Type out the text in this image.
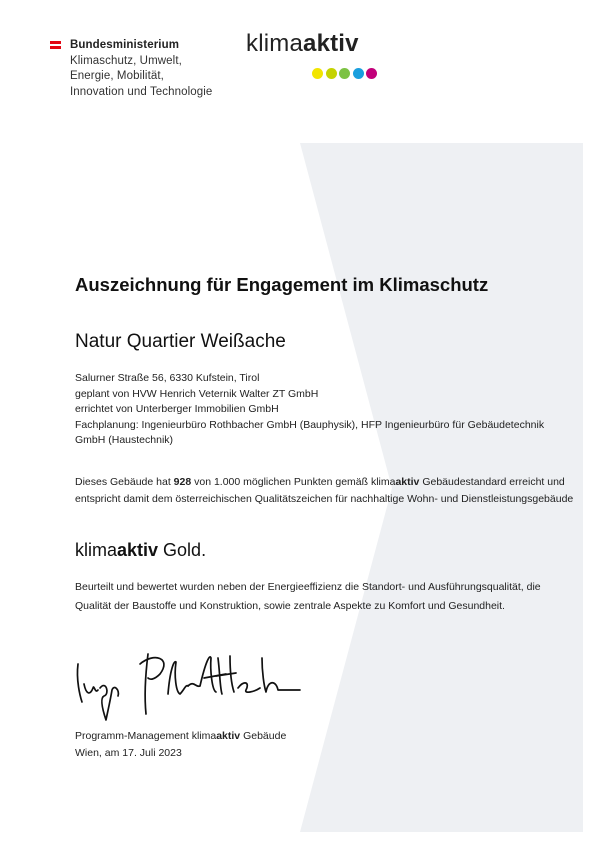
Bundesministerium
Klimaschutz, Umwelt,
Energie, Mobilität,
Innovation und Technologie
klimaaktiv
Auszeichnung für Engagement im Klimaschutz
Natur Quartier Weißache
Salurner Straße 56, 6330 Kufstein, Tirol
geplant von HVW Henrich Veternik Walter ZT GmbH
errichtet von Unterberger Immobilien GmbH
Fachplanung: Ingenieurbüro Rothbacher GmbH (Bauphysik), HFP Ingenieurbüro für Gebäudetechnik GmbH (Haustechnik)
Dieses Gebäude hat 928 von 1.000 möglichen Punkten gemäß klimaaktiv Gebäudestandard erreicht und entspricht damit dem österreichischen Qualitätszeichen für nachhaltige Wohn- und Dienstleistungsgebäude
klimaaktiv Gold.
Beurteilt und bewertet wurden neben der Energieeffizienz die Standort- und Ausführungsqualität, die Qualität der Baustoffe und Konstruktion, sowie zentrale Aspekte zu Komfort und Gesundheit.
Programm-Management klimaaktiv Gebäude
Wien, am 17. Juli 2023
